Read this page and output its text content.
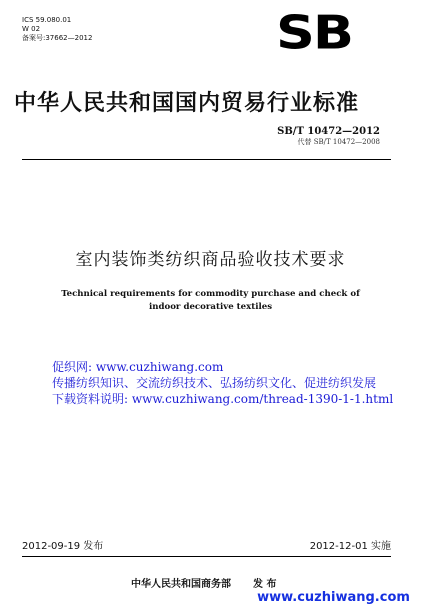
ICS 59.080.01
W 02
备案号:37662—2012	SB
中华人民共和国国内贸易行业标准
SB/T 10472—2012
代替 SB/T 10472—2008
室内装饰类纺织商品验收技术要求
Technical requirements for commodity purchase and check of
indoor decorative textiles
促织网: www.cuzhiwang.com
传播纺织知识、交流纺织技术、弘扬纺织文化、促进纺织发展
下载资料说明: www.cuzhiwang.com/thread-1390-1-1.html
2012-09-19 发布	2012-12-01 实施
中华人民共和国商务部 发 布
www.cuzhiwang.com
